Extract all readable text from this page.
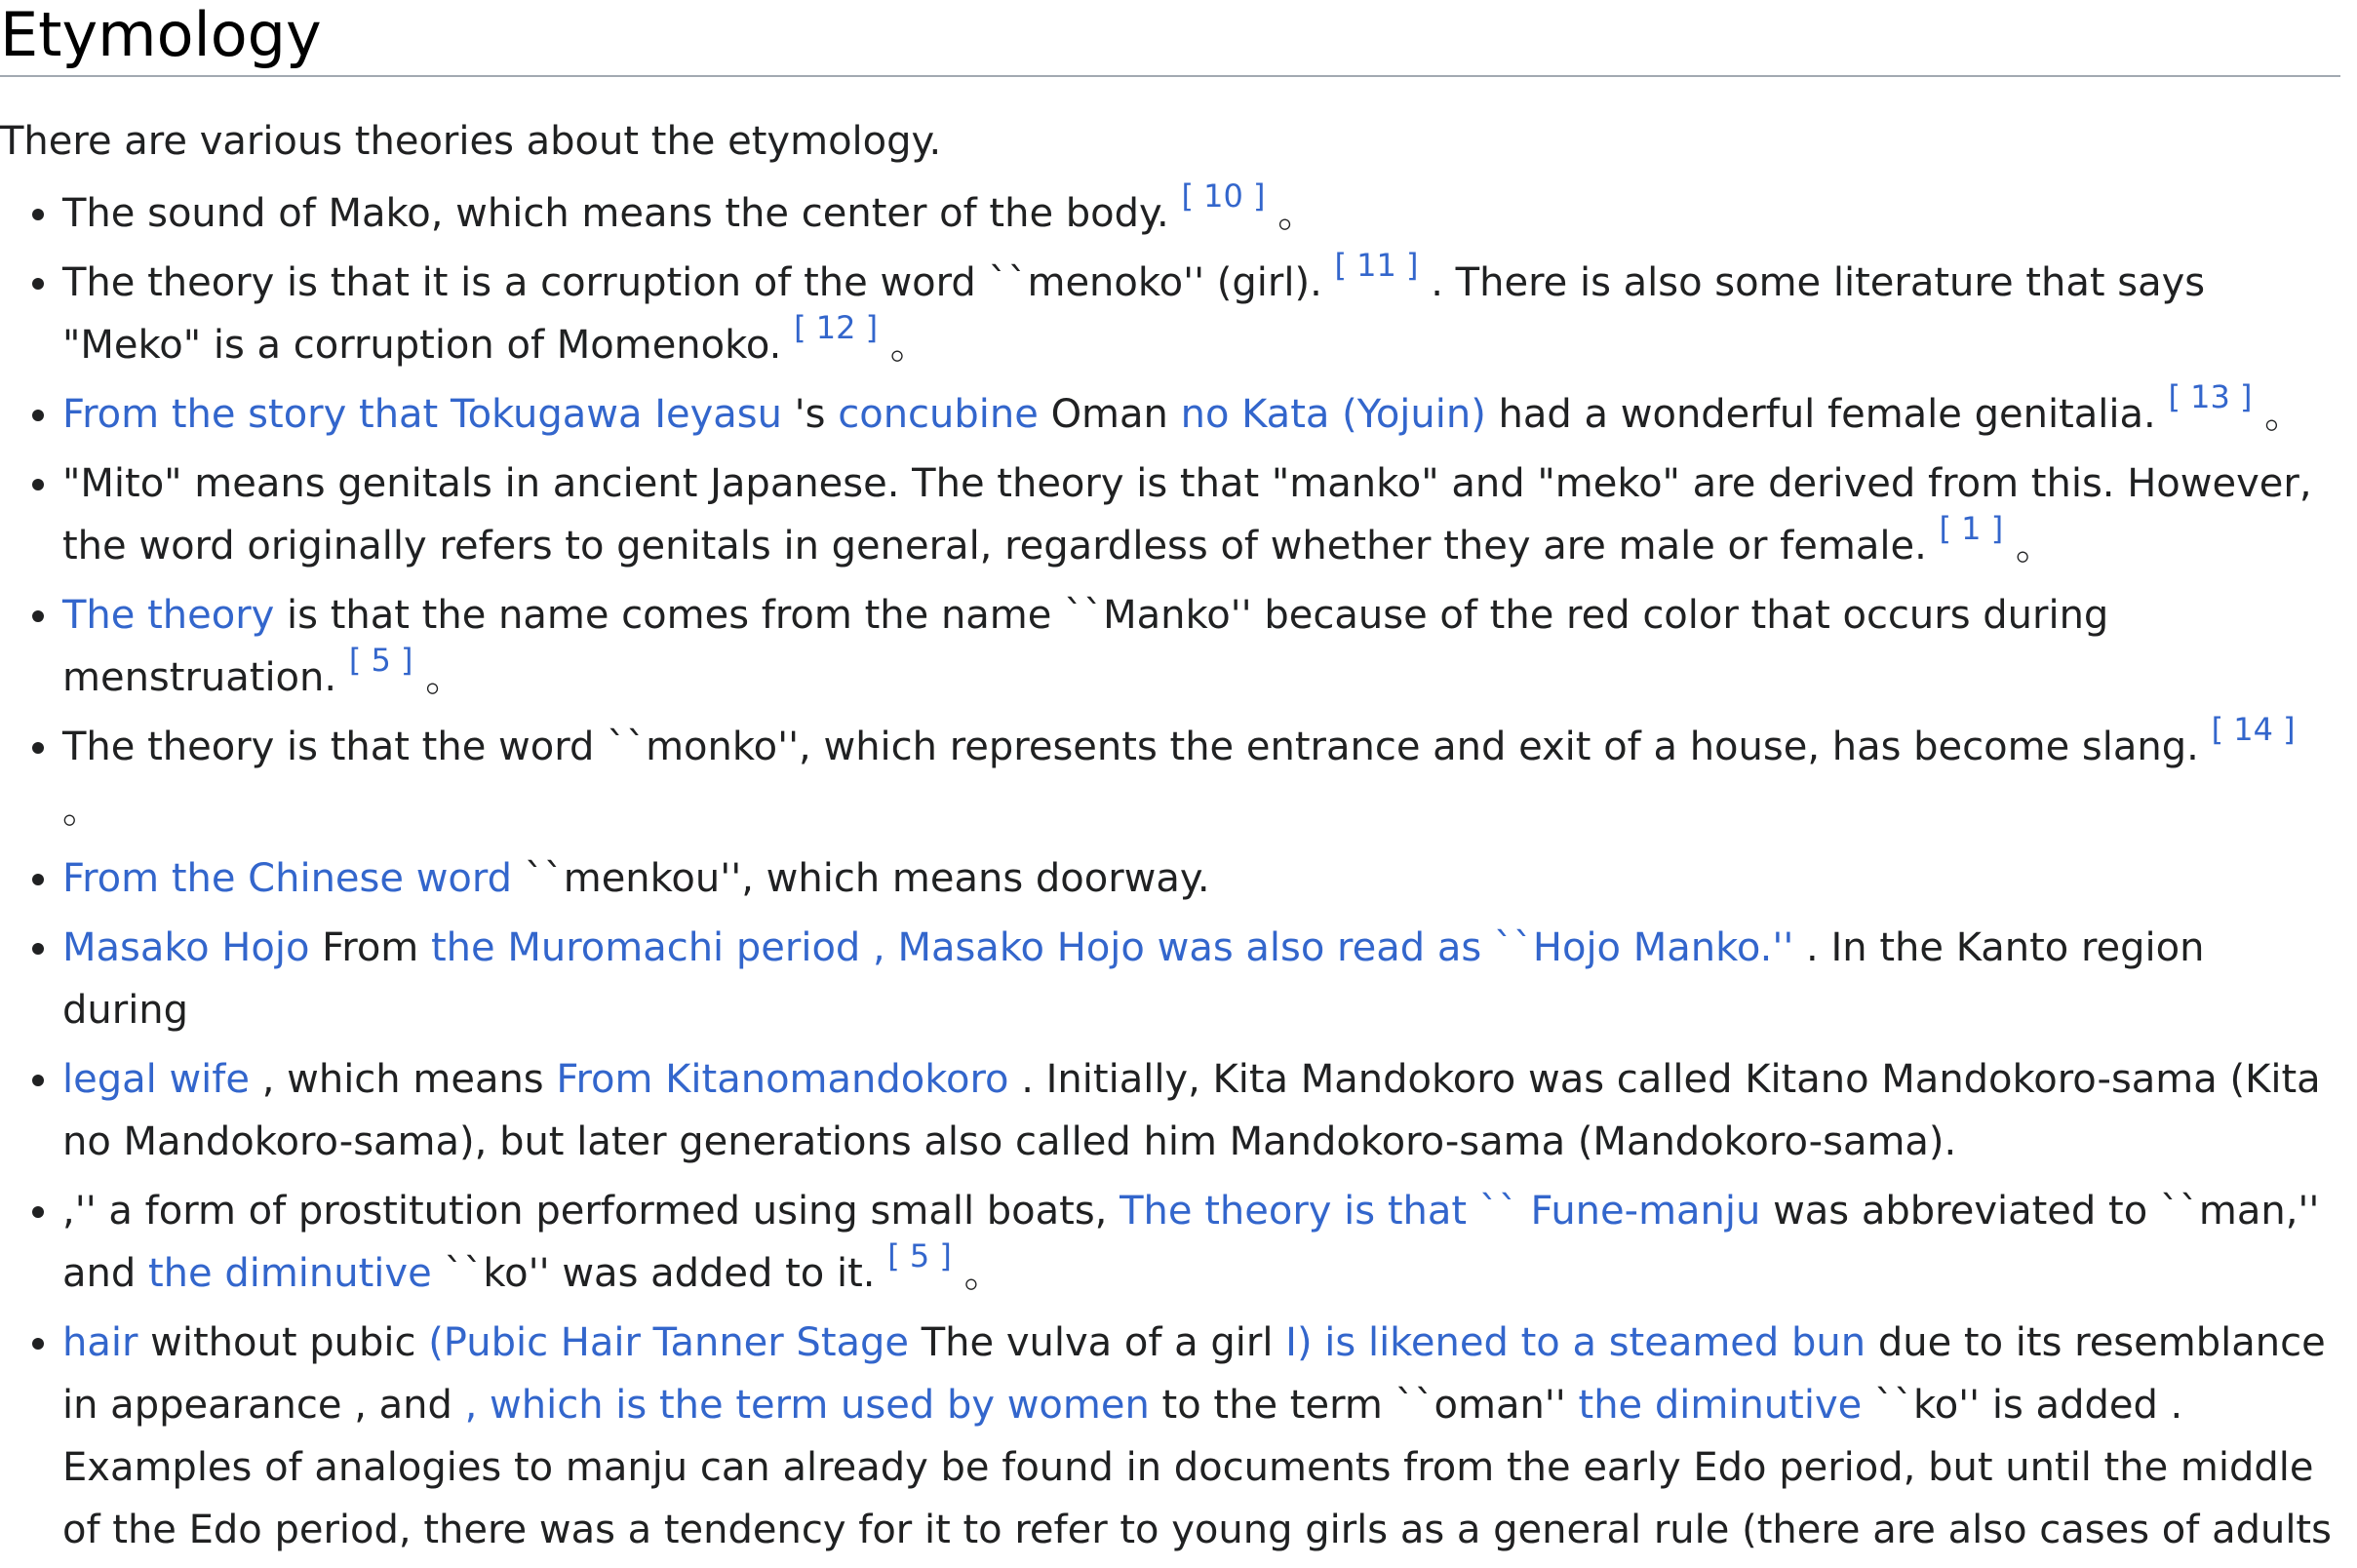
Etymology

There are various theories about the etymology.

• The sound of Mako, which means the center of the body. [ 10 ] 。
• The theory is that it is a corruption of the word ``menoko'' (girl). [ 11 ] . There is also some literature that says "Meko" is a corruption of Momenoko. [ 12 ] 。
• From the story that Tokugawa Ieyasu 's concubine Oman no Kata (Yojuin) had a wonderful female genitalia. [ 13 ] 。
• "Mito" means genitals in ancient Japanese. The theory is that "manko" and "meko" are derived from this. However, the word originally refers to genitals in general, regardless of whether they are male or female. [ 1 ] 。
• The theory is that the name comes from the name ``Manko'' because of the red color that occurs during menstruation. [ 5 ] 。
• The theory is that the word ``monko'', which represents the entrance and exit of a house, has become slang. [ 14 ] 。
• From the Chinese word ``menkou'', which means doorway.
• Masako Hojo From the Muromachi period , Masako Hojo was also read as ``Hojo Manko.'' . In the Kanto region during
• legal wife , which means From Kitanomandokoro . Initially, Kita Mandokoro was called Kitano Mandokoro-sama (Kita no Mandokoro-sama), but later generations also called him Mandokoro-sama (Mandokoro-sama).
• ,'' a form of prostitution performed using small boats, The theory is that `` Fune-manju was abbreviated to ``man,'' and the diminutive ``ko'' was added to it. [ 5 ] 。
• hair without pubic (Pubic Hair Tanner Stage The vulva of a girl I) is likened to a steamed bun due to its resemblance in appearance , and , which is the term used by women to the term ``oman'' the diminutive ``ko'' is added . Examples of analogies to manju can already be found in documents from the early Edo period, but until the middle of the Edo period, there was a tendency for it to refer to young girls as a general rule (there are also cases of adults
